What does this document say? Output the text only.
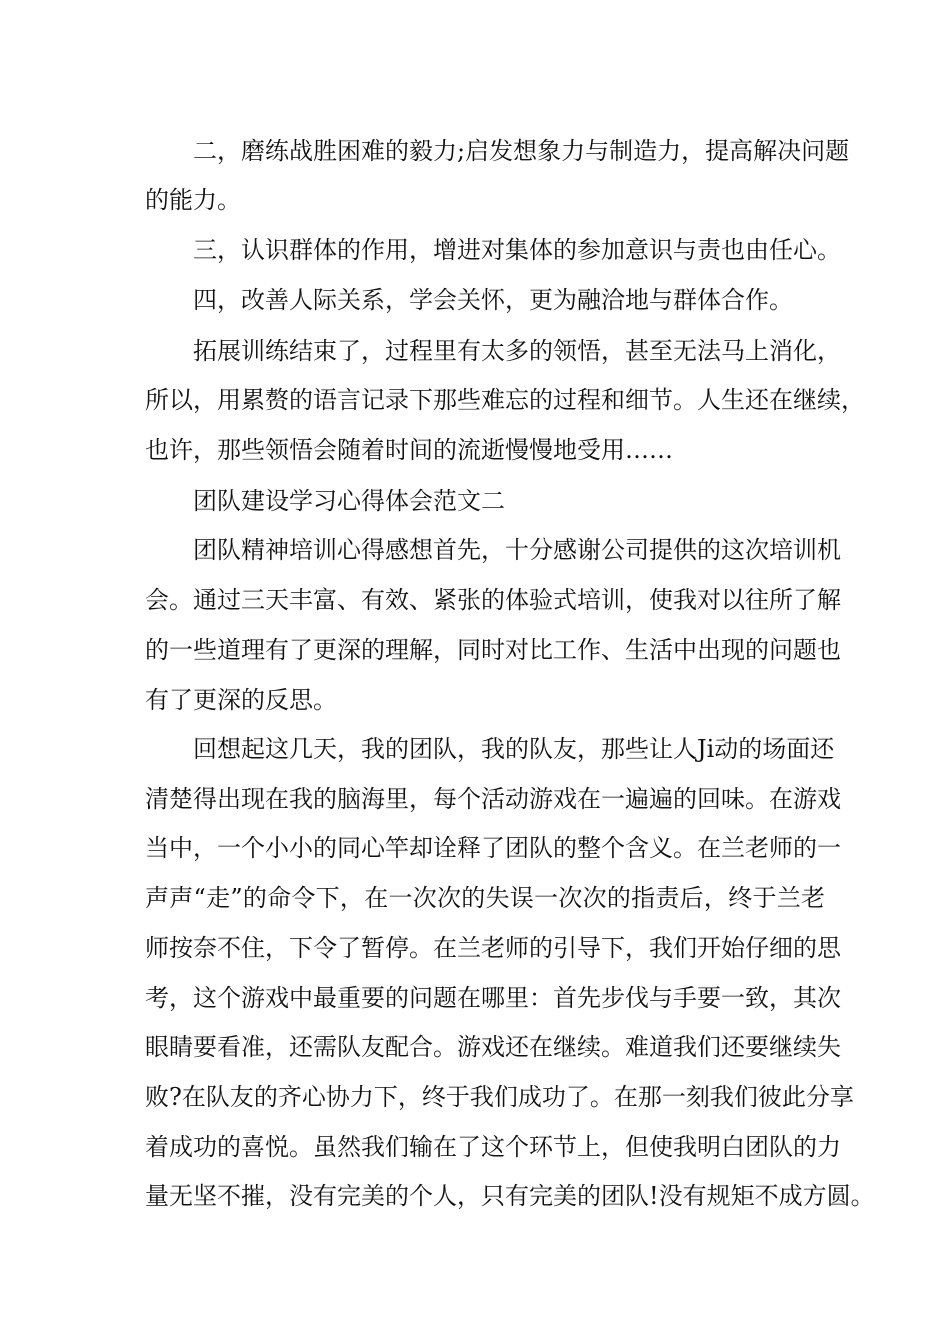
二，磨练战胜困难的毅力;启发想象力与制造力，提高解决问题

的能力。

三，认识群体的作用，增进对集体的参加意识与责也由任心。

四，改善人际关系，学会关怀，更为融洽地与群体合作。

拓展训练结束了，过程里有太多的领悟，甚至无法马上消化，

所以，用累赘的语言记录下那些难忘的过程和细节。人生还在继续，

也许，那些领悟会随着时间的流逝慢慢地受用……

团队建设学习心得体会范文二

团队精神培训心得感想首先，十分感谢公司提供的这次培训机

会。通过三天丰富、有效、紧张的体验式培训，使我对以往所了解

的一些道理有了更深的理解，同时对比工作、生活中出现的问题也

有了更深的反思。

回想起这几天，我的团队，我的队友，那些让人Ji动的场面还

清楚得出现在我的脑海里，每个活动游戏在一遍遍的回味。在游戏

当中，一个小小的同心竿却诠释了团队的整个含义。在兰老师的一

声声“走”的命令下，在一次次的失误一次次的指责后，终于兰老

师按奈不住，下令了暂停。在兰老师的引导下，我们开始仔细的思

考，这个游戏中最重要的问题在哪里：首先步伐与手要一致，其次

眼睛要看准，还需队友配合。游戏还在继续。难道我们还要继续失

败?在队友的齐心协力下，终于我们成功了。在那一刻我们彼此分享

着成功的喜悦。虽然我们输在了这个环节上，但使我明白团队的力

量无坚不摧，没有完美的个人，只有完美的团队!没有规矩不成方圆。
